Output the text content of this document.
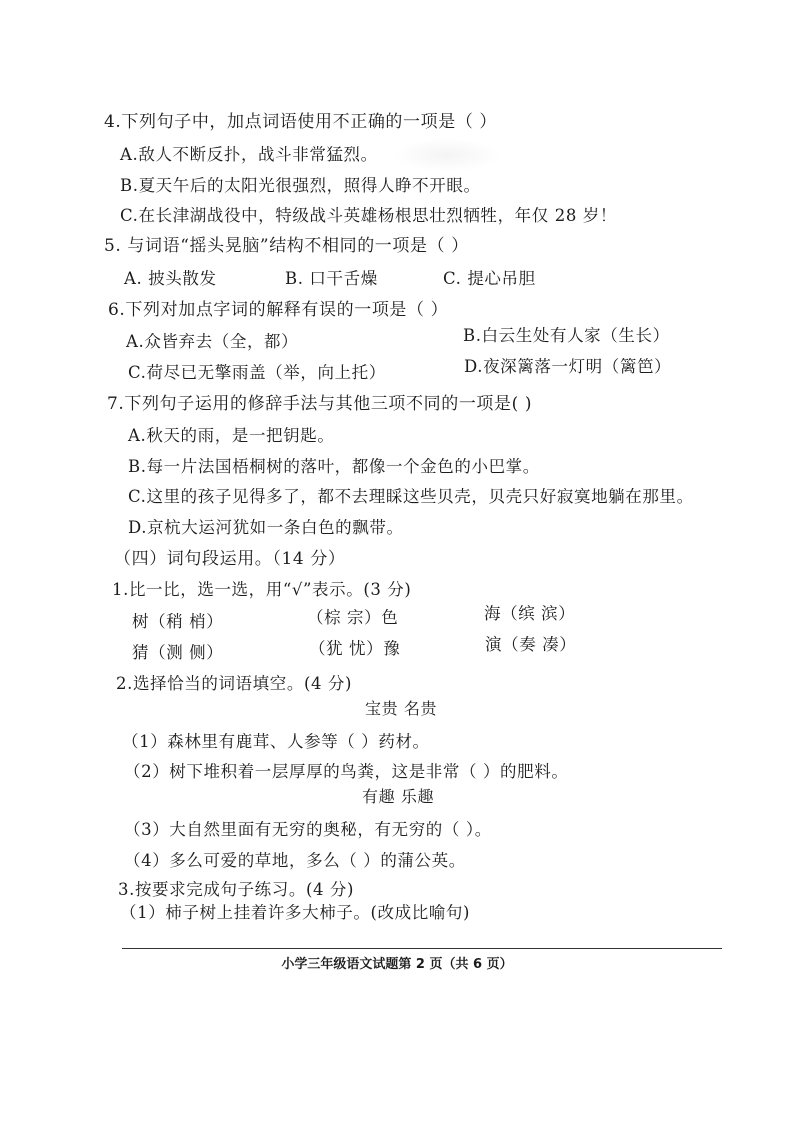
4.下列句子中，加点词语使用不正确的一项是（ ）
A.敌人不断反扑，战斗非常猛烈。
B.夏天午后的太阳光很强烈，照得人睁不开眼。
C.在长津湖战役中，特级战斗英雄杨根思壮烈牺牲，年仅 28 岁！
5. 与词语“摇头晃脑”结构不相同的一项是（ ）
A. 披头散发	B. 口干舌燥	C. 提心吊胆
6.下列对加点字词的解释有误的一项是（ ）
A.众皆弃去（全，都）	B.白云生处有人家（生长）
C.荷尽已无擎雨盖（举，向上托）	D.夜深篱落一灯明（篱笆）
7.下列句子运用的修辞手法与其他三项不同的一项是( )
A.秋天的雨，是一把钥匙。
B.每一片法国梧桐树的落叶，都像一个金色的小巴掌。
C.这里的孩子见得多了，都不去理睬这些贝壳，贝壳只好寂寞地躺在那里。
D.京杭大运河犹如一条白色的飘带。
（四）词句段运用。（14 分）
1.比一比，选一选，用“√”表示。(3 分)
树（稍 梢）	（棕 宗）色	海（缤 滨）
猜（测 侧）	（犹 忧）豫	演（奏 凑）
2.选择恰当的词语填空。(4 分)
宝贵 名贵
（1）森林里有鹿茸、人参等（ ）药材。
（2）树下堆积着一层厚厚的鸟粪，这是非常（ ）的肥料。
有趣 乐趣
（3）大自然里面有无穷的奥秘，有无穷的（ ）。
（4）多么可爱的草地，多么（ ）的蒲公英。
3.按要求完成句子练习。(4 分)
（1）柿子树上挂着许多大柿子。(改成比喻句)
小学三年级语文试题第 2 页（共 6 页）
